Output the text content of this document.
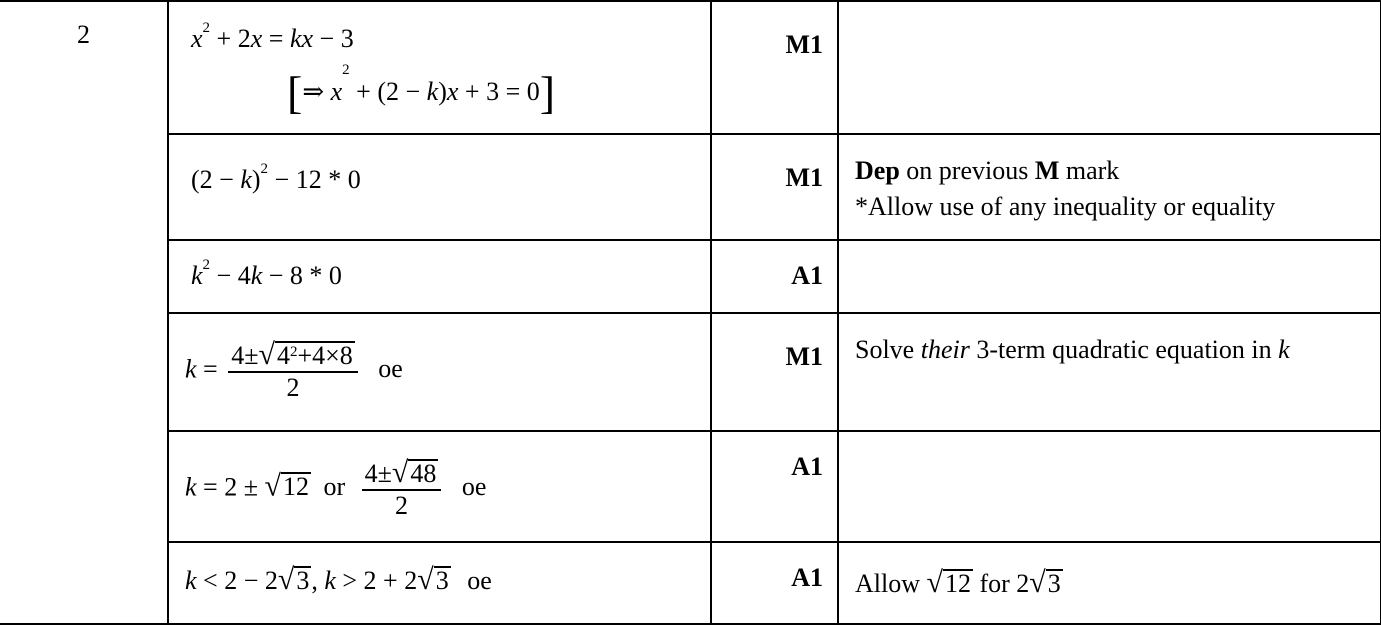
2	$x^2 + 2x$ = kx − 3
[⇒ $x^2 + (2 - k)x + 3 = 0$]	M1	

	$(2 - k)^2 - 12 * 0$	M1	Dep on previous M mark
*Allow use of any inequality or equality

	$k^2 - 4k - 8 * 0$	A1	

	$k = \frac{4\pm√4^2+4\times 8}{2}$ oe	M1	Solve their 3-term quadratic equation in k

	k = 2 ± √12 or $\frac{4\pm√48}{2}$ oe	A1	

	k < 2 − 2√3, k > 2 + 2√3 oe	A1	Allow √12 for 2√3
